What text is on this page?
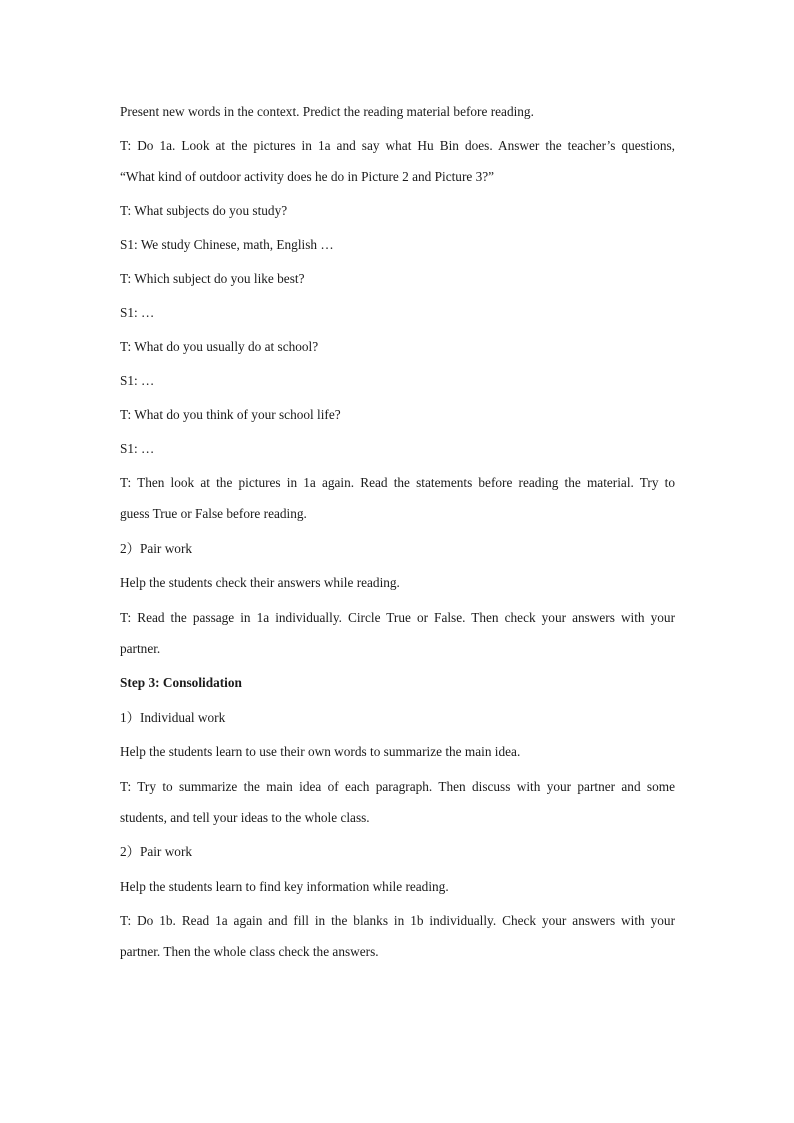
Present new words in the context. Predict the reading material before reading.

T: Do 1a. Look at the pictures in 1a and say what Hu Bin does. Answer the teacher’s questions,

“What kind of outdoor activity does he do in Picture 2 and Picture 3?”

T: What subjects do you study?

S1: We study Chinese, math, English …

T: Which subject do you like best?

S1: …

T: What do you usually do at school?

S1: …

T: What do you think of your school life?

S1: …

T: Then look at the pictures in 1a again. Read the statements before reading the material. Try to

guess True or False before reading.

2）Pair work

Help the students check their answers while reading.

T: Read the passage in 1a individually. Circle True or False. Then check your answers with your

partner.

Step 3: Consolidation

1）Individual work

Help the students learn to use their own words to summarize the main idea.

T: Try to summarize the main idea of each paragraph. Then discuss with your partner and some

students, and tell your ideas to the whole class.

2）Pair work

Help the students learn to find key information while reading.

T: Do 1b. Read 1a again and fill in the blanks in 1b individually. Check your answers with your

partner. Then the whole class check the answers.
